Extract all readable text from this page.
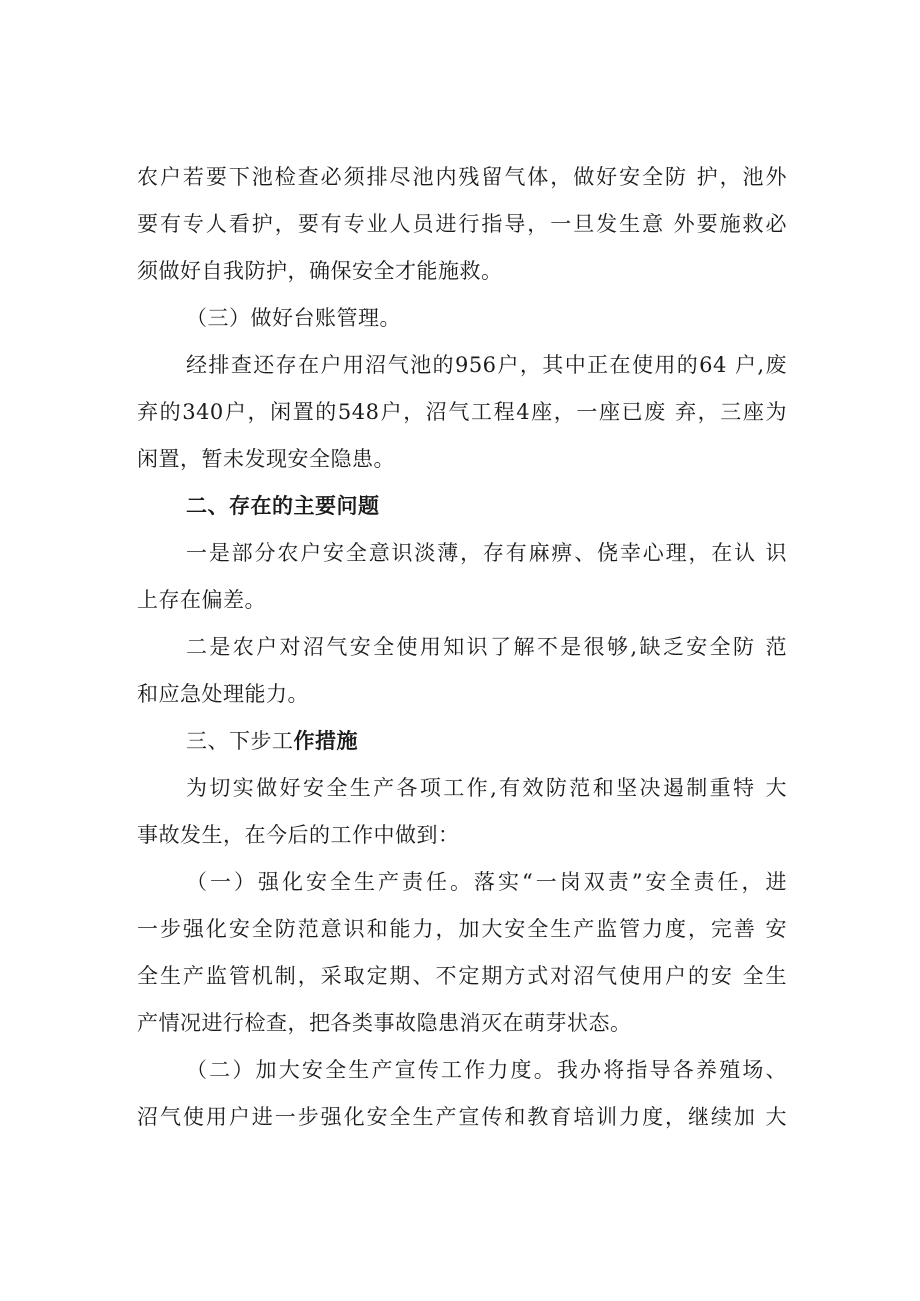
农户若要下池检查必须排尽池内残留气体，做好安全防 护，池外
要有专人看护，要有专业人员进行指导，一旦发生意 外要施救必
须做好自我防护，确保安全才能施救。
（三）做好台账管理。
经排查还存在户用沼气池的956户，其中正在使用的64 户,废
弃的340户，闲置的548户，沼气工程4座，一座已废 弃，三座为
闲置，暂未发现安全隐患。
二、存在的主要问题
一是部分农户安全意识淡薄，存有麻痹、侥幸心理，在认 识
上存在偏差。
二是农户对沼气安全使用知识了解不是很够,缺乏安全防 范
和应急处理能力。
三、下步工作措施
为切实做好安全生产各项工作,有效防范和坚决遏制重特 大
事故发生，在今后的工作中做到：
（一）强化安全生产责任。落实“一岗双责”安全责任，进
一步强化安全防范意识和能力，加大安全生产监管力度，完善 安
全生产监管机制，采取定期、不定期方式对沼气使用户的安 全生
产情况进行检查，把各类事故隐患消灭在萌芽状态。
（二）加大安全生产宣传工作力度。我办将指导各养殖场、
沼气使用户进一步强化安全生产宣传和教育培训力度，继续加 大
